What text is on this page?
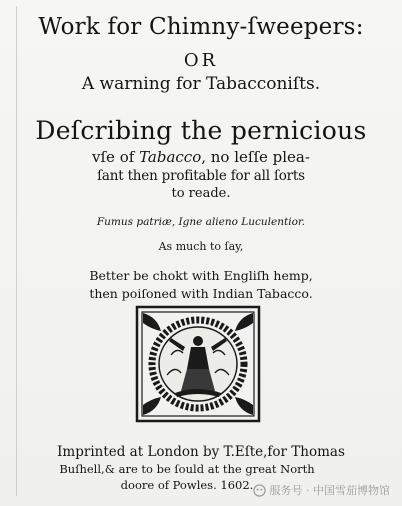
Work for Chimny-ſweepers:
OR
A warning for Tabacconiſts.
Deſcribing the pernicious
vſe of Tabacco, no leſſe plea-
ſant then profitable for all ſorts
to reade.
Fumus patriæ, Igne alieno Luculentior.
As much to ſay,
Better be chokt with Engliſh hemp,
then poiſoned with Indian Tabacco.
Imprinted at London by T.Eſte,for Thomas
Buſhell,& are to be ſould at the great North
doore of Powles. 1602.	服务号 · 中国雪茄博物馆
